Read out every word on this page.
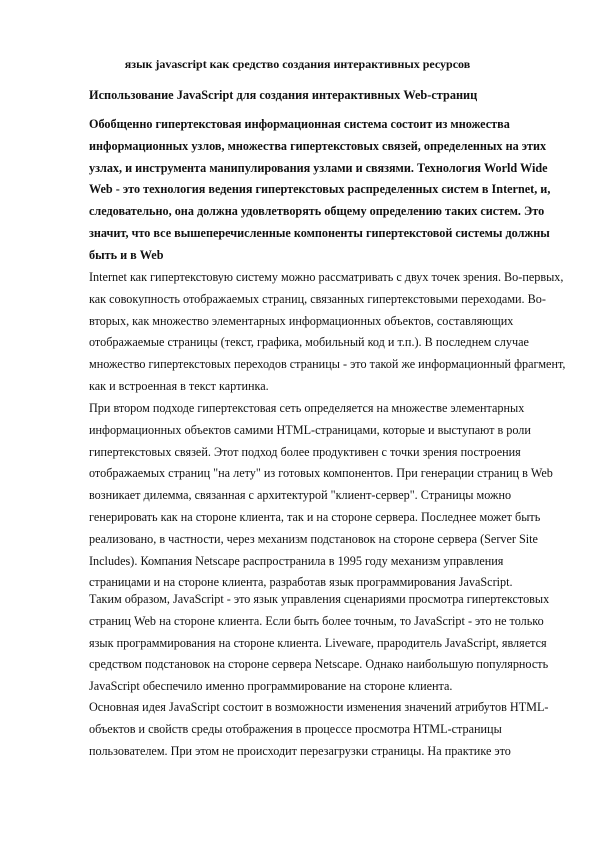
язык javascript как средство создания интерактивных ресурсов
Использование JavaScript для создания интерактивных Web-страниц
Обобщенно гипертекстовая информационная система состоит из множества
информационных узлов, множества гипертекстовых связей, определенных на этих
узлах, и инструмента манипулирования узлами и связями. Технология World Wide
Web - это технология ведения гипертекстовых распределенных систем в Internet, и,
следовательно, она должна удовлетворять общему определению таких систем. Это
значит, что все вышеперечисленные компоненты гипертекстовой системы должны
быть и в Web
Internet как гипертекстовую систему можно рассматривать с двух точек зрения. Во-первых,
как совокупность отображаемых страниц, связанных гипертекстовыми переходами. Во-
вторых, как множество элементарных информационных объектов, составляющих
отображаемые страницы (текст, графика, мобильный код и т.п.). В последнем случае
множество гипертекстовых переходов страницы - это такой же информационный фрагмент,
как и встроенная в текст картинка.
При втором подходе гипертекстовая сеть определяется на множестве элементарных
информационных объектов самими HTML-страницами, которые и выступают в роли
гипертекстовых связей. Этот подход более продуктивен с точки зрения построения
отображаемых страниц "на лету" из готовых компонентов. При генерации страниц в Web
возникает дилемма, связанная с архитектурой "клиент-сервер". Страницы можно
генерировать как на стороне клиента, так и на стороне сервера. Последнее может быть
реализовано, в частности, через механизм подстановок на стороне сервера (Server Site
Includes). Компания Netscape распространила в 1995 году механизм управления
страницами и на стороне клиента, разработав язык программирования JavaScript.
Таким образом, JavaScript - это язык управления сценариями просмотра гипертекстовых
страниц Web на стороне клиента. Если быть более точным, то JavaScript - это не только
язык программирования на стороне клиента. Liveware, прародитель JavaScript, является
средством подстановок на стороне сервера Netscape. Однако наибольшую популярность
JavaScript обеспечило именно программирование на стороне клиента.
Основная идея JavaScript состоит в возможности изменения значений атрибутов HTML-
объектов и свойств среды отображения в процессе просмотра HTML-страницы
пользователем. При этом не происходит перезагрузки страницы. На практике это
